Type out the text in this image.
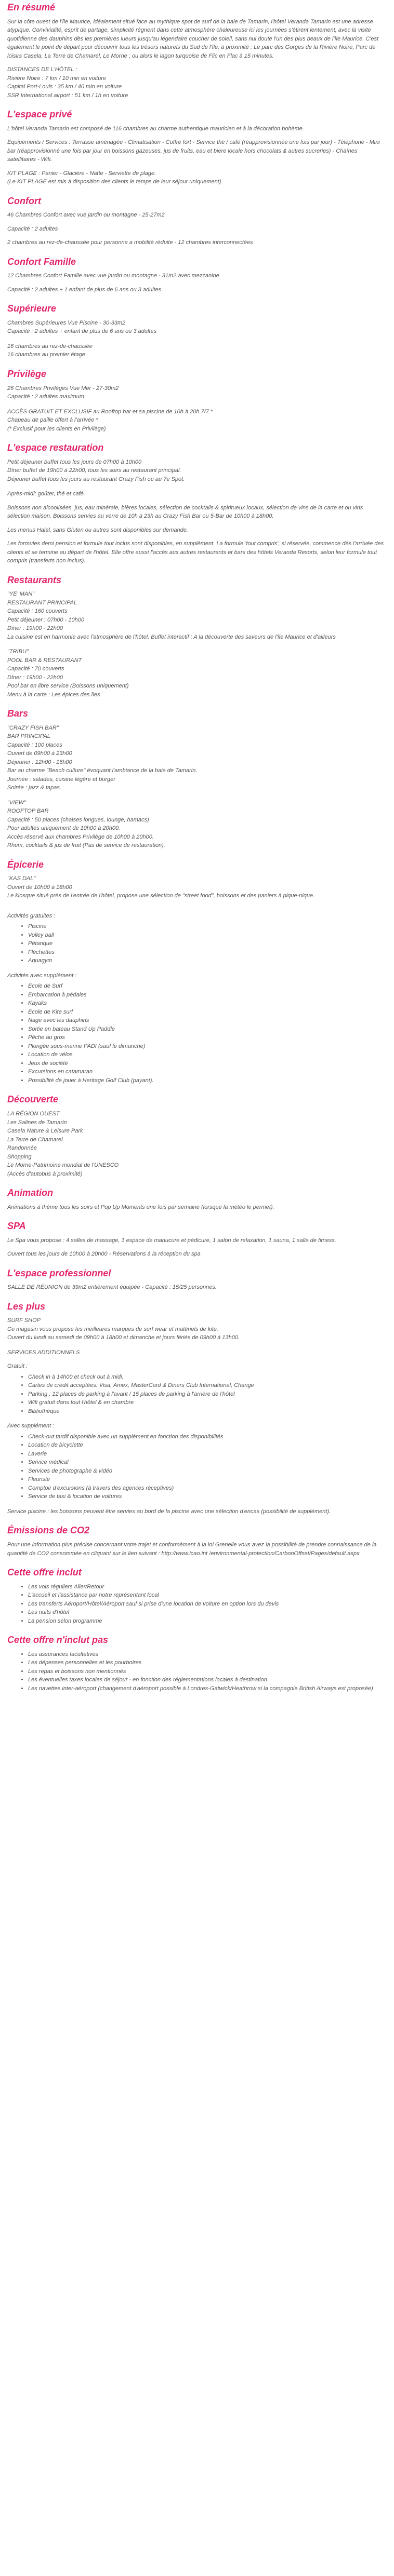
En résumé

Sur la côte ouest de l'île Maurice, idéalement situé face au mythique spot de surf de la baie de Tamarin, l'hôtel Veranda Tamarin est une adresse atypique. Convivialité, esprit de partage, simplicité règnent dans cette atmosphère chaleureuse ici les journées s'étirent lentement, avec la visite quotidienne des dauphins dès les premières lueurs jusqu'au légendaire coucher de soleil, sans nul doute l'un des plus beaux de l'île Maurice. C'est également le point de départ pour découvrir tous les trésors naturels du Sud de l'île, à proximité : Le parc des Gorges de la Rivière Noire, Parc de loisirs Casela, La Terre de Chamarel, Le Morne ; ou alors le lagon turquoise de Flic en Flac à 15 minutes.

DISTANCES DE L'HÔTEL :
Rivière Noire : 7 km / 10 min en voiture
Capital Port-Louis : 35 km / 40 min en voiture
SSR International airport : 51 km / 1h en voiture
L'espace privé

L'hôtel Veranda Tamarin est composé de 116 chambres au charme authentique mauricien et à la décoration bohème.

Equipements / Services : Terrasse aménagée - Climatisation - Coffre fort - Service thé / café (réapprovisionnée une fois par jour) - Téléphone - Mini bar (réapprovisionné une fois par jour en boissons gazeuses, jus de fruits, eau et biere locale hors chocolats & autres sucreries) - Chaînes satellitaires - Wifi.

KIT PLAGE : Panier - Glacière - Natte - Serviette de plage.
(Le KIT PLAGE est mis à disposition des clients le temps de leur séjour uniquement)
Confort

46 Chambres Confort avec vue jardin ou montagne - 25-27m2

Capacité : 2 adultes

2 chambres au rez-de-chaussée pour personne a mobilité réduite - 12 chambres interconnectées

Confort Famille

12 Chambres Confort Famille avec vue jardin ou montagne - 31m2 avec mezzanine

Capacité : 2 adultes + 1 enfant de plus de 6 ans ou 3 adultes

Supérieure
Chambres Supérieures Vue Piscine - 30-33m2
Capacité : 2 adultes + enfant de plus de 6 ans ou 3 adultes
16 chambres au rez-de-chaussée
16 chambres au premier étage
Privilège
26 Chambres Privilèges Vue Mer - 27-30m2
Capacité : 2 adultes maximum
ACCÈS GRATUIT ET EXCLUSIF au Rooftop bar et sa piscine de 10h à 20h 7/7 *
Chapeau de paille offert à l'arrivée *
(* Exclusif pour les clients en Privilège)
L'espace restauration
Petit déjeuner buffet tous les jours de 07h00 à 10h00
Dîner buffet de 19h00 à 22h00, tous les soirs au restaurant principal.
Déjeuner buffet tous les jours au restaurant Crazy Fish ou au 7e Spot.

Après-midi: goûter, thé et café.

Boissons non alcoolisées, jus, eau minérale, bières locales, sélection de cocktails & spiritueux locaux, sélection de vins de la carte et ou vins sélection maison. Boissons servies au verre de 10h à 23h au Crazy Fish Bar ou 5-Bar de 10h00 à 18h00.

Les menus Halal, sans Gluten ou autres sont disponibles sur demande.

Les formules demi pension et formule tout inclus sont disponibles, en supplément. La formule 'tout compris', si réservée, commence dès l'arrivée des clients et se termine au départ de l'hôtel. Elle offre aussi l'accès aux autres restaurants et bars des hôtels Veranda Resorts, selon leur formule tout compris (transferts non inclus).

Restaurants
"YE' MAN"
RESTAURANT PRINCIPAL
Capacité : 160 couverts
Petit déjeuner : 07h00 - 10h00
Dîner : 19h00 - 22h00
La cuisine est en harmonie avec l'atmosphère de l'hôtel. Buffet interactif : A la découverte des saveurs de l'île Maurice et d'ailleurs
"TRIBU"
POOL BAR & RESTAURANT
Capacité : 70 couverts
Dîner : 19h00 - 22h00
Pool bar en libre service (Boissons uniquement)
Menu à la carte : Les épices des îles
Bars
"CRAZY FISH BAR"
BAR PRINCIPAL
Capacité : 100 places
Ouvert de 09h00 à 23h00
Déjeuner : 12h00 - 16h00
Bar au charme "Beach culture" évoquant l'ambiance de la baie de Tamarin.
Journée : salades, cuisine légère et burger
Soirée : jazz & tapas.
"VIEW"
ROOFTOP BAR
Capacité : 50 places (chaises longues, lounge, hamacs)
Pour adultes uniquement de 10h00 à 20h00.
Accès réservé aux chambres Privilège de 10h00 à 20h00.
Rhum, cocktails & jus de fruit (Pas de service de restauration).
Épicerie
"KAS DAL"
Ouvert de 10h00 à 18h00
Le kiosque situé près de l'entrée de l'hôtel, propose une sélection de "street food", boissons et des paniers à pique-nique.
Activités gratuites :
• Piscine
• Volley ball
• Pétanque
• Fléchettes
• Aquagym
Activités avec supplément :
• Ecole de Surf
• Embarcation à pédales
• Kayaks
• Ecole de Kite surf
• Nage avec les dauphins
• Sortie en bateau Stand Up Paddle
• Pêche au gros
• Plongée sous-marine PADI (sauf le dimanche)
• Location de vélos
• Jeux de société
• Excursions en catamaran
• Possibilité de jouer à Heritage Golf Club (payant).
Découverte
LA RÉGION OUEST
Les Salines de Tamarin
Casela Nature & Leisure Park
La Terre de Chamarel
Randonnée
Shopping
Le Morne-Patrimoine mondial de l'UNESCO
(Accès d'autobus à proximité)
Animation

Animations à thème tous les soirs et Pop Up Moments une fois par semaine (lorsque la météo le permet).

SPA

Le Spa vous propose : 4 salles de massage, 1 espace de manucure et pédicure, 1 salon de relaxation, 1 sauna, 1 salle de fitness.

Ouvert tous les jours de 10h00 à 20h00 - Réservations à la réception du spa

L'espace professionnel

SALLE DE RÉUNION de 39m2 entièrement équipée - Capacité : 15/25 personnes.

Les plus
SURF SHOP
Ce magasin vous propose les meilleures marques de surf wear et matériels de kite.
Ouvert du lundi au samedi de 09h00 à 18h00 et dimanche et jours fériés de 09h00 à 13h00.
SERVICES ADDITIONNELS
Gratuit :
• Check in à 14h00 et check out à midi.
• Cartes de crédit acceptées: Visa, Amex, MasterCard & Diners Club International, Change
• Parking : 12 places de parking à l'avant / 15 places de parking à l'arrière de l'hôtel
• Wifi gratuit dans tout l'hôtel & en chambre
• Bibliothèque
Avec supplément :
• Check-out tardif disponible avec un supplément en fonction des disponibilités
• Location de bicyclette
• Laverie
• Service médical
• Services de photographe & vidéo
• Fleuriste
• Comptoir d'excursions (à travers des agences réceptives)
• Service de taxi & location de voitures

Service piscine : les boissons peuvent être servies au bord de la piscine avec une sélection d'encas (possibilité de supplément).

Émissions de CO2

Pour une information plus précise concernant votre trajet et conformément à la loi Grenelle vous avez la possibilité de prendre connaissance de la quantité de CO2 consommée en cliquant sur le lien suivant : http://www.icao.int /environmental-protection/CarbonOffset/Pages/default.aspx

Cette offre inclut
• Les vols réguliers Aller/Retour
• L'accueil et l'assistance par notre représentant local
• Les transferts Aéroport/Hôtel/Aéroport sauf si prise d'une location de voiture en option lors du devis
• Les nuits d'hôtel
• La pension selon programme
Cette offre n'inclut pas
• Les assurances facultatives
• Les dépenses personnelles et les pourboires
• Les repas et boissons non mentionnés
• Les éventuelles taxes locales de séjour - en fonction des réglementations locales à destination
• Les navettes inter-aéroport (changement d'aéroport possible à Londres-Gatwick/Heathrow si la compagnie British Airways est proposée)
